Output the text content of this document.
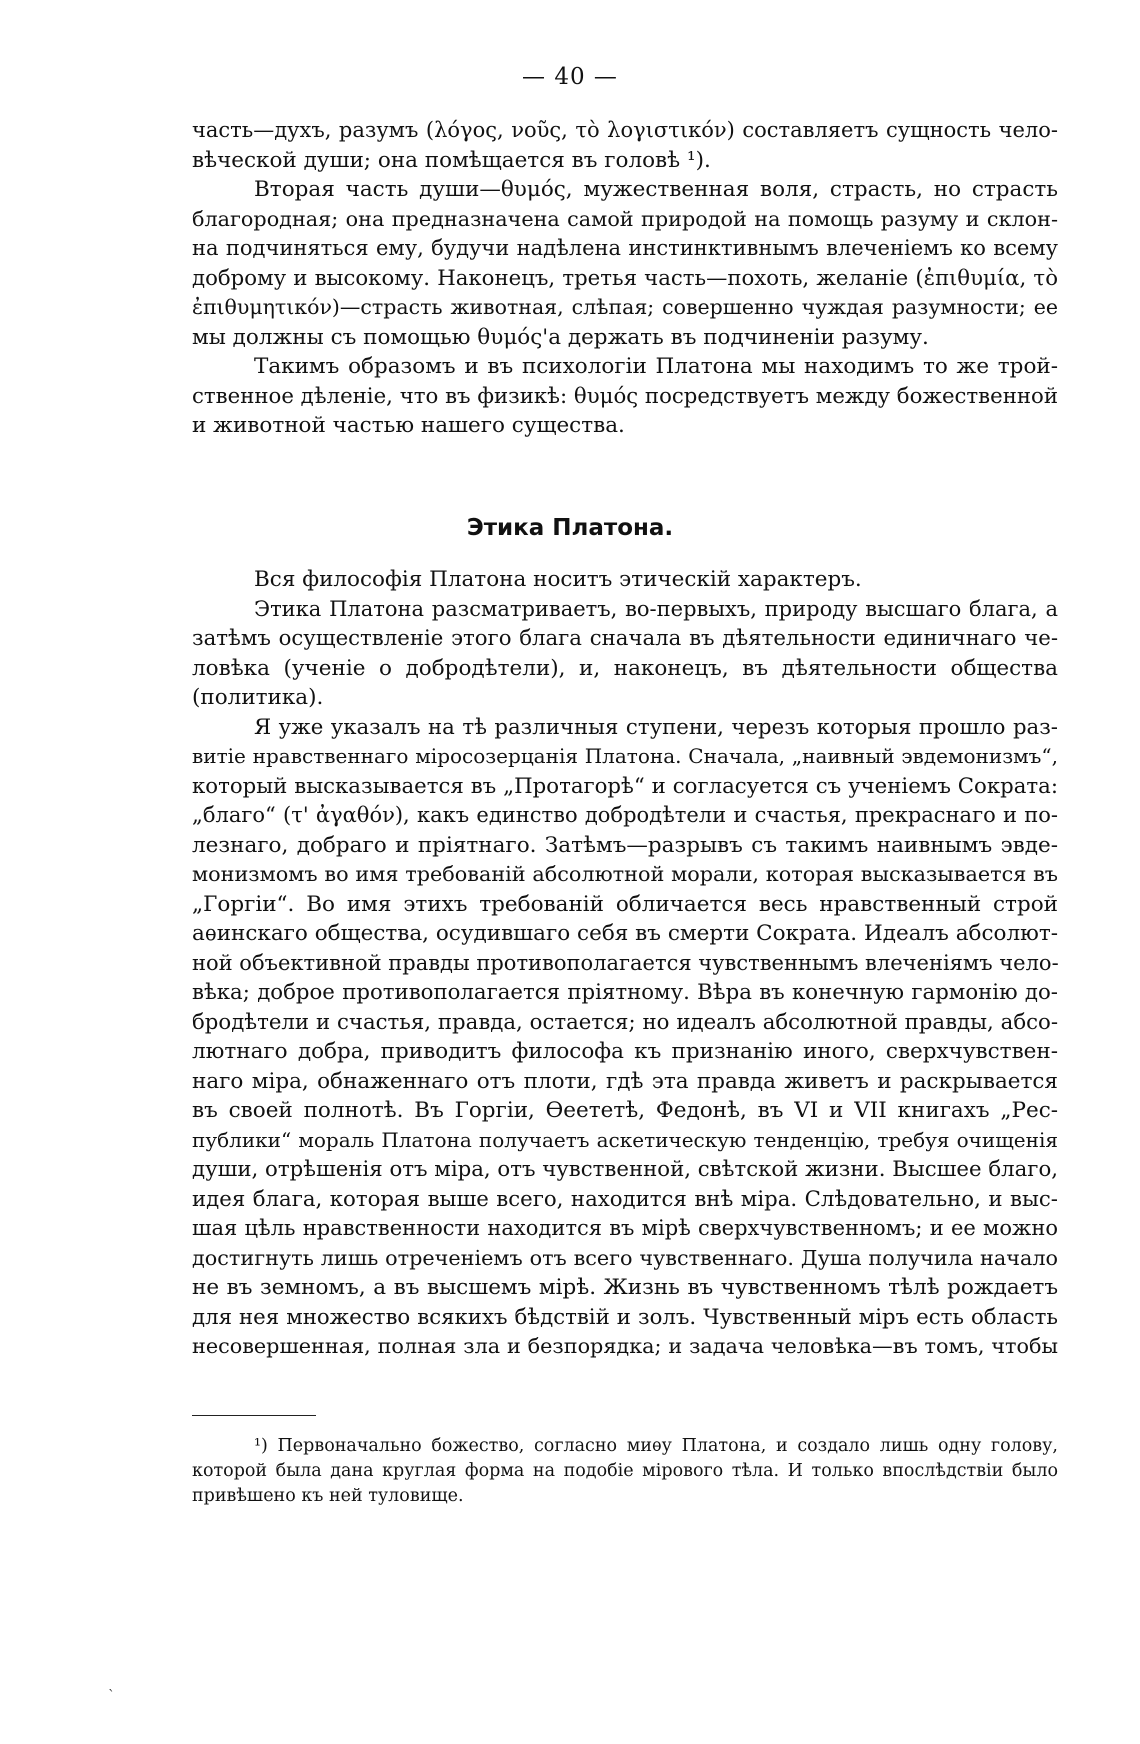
— 40 —
часть—духъ, разумъ (λόγος, νοῦς, τὸ λογιστικόν) составляетъ сущность чело-
вѣческой души; она помѣщается въ головѣ ¹).
Вторая часть души—θυμός, мужественная воля, страсть, но страсть
благородная; она предназначена самой природой на помощь разуму и склон-
на подчиняться ему, будучи надѣлена инстинктивнымъ влеченіемъ ко всему
доброму и высокому. Наконецъ, третья часть—похоть, желаніе (ἐπιθυμία, τὸ
ἐπιθυμητικόν)—страсть животная, слѣпая; совершенно чуждая разумности; ее
мы должны съ помощью θυμός'а держать въ подчиненіи разуму.
Такимъ образомъ и въ психологіи Платона мы находимъ то же трой-
ственное дѣленіе, что въ физикѣ: θυμός посредствуетъ между божественной
и животной частью нашего существа.
Этика Платона.
Вся философія Платона носитъ этическій характеръ.
Этика Платона разсматриваетъ, во-первыхъ, природу высшаго блага, а
затѣмъ осуществленіе этого блага сначала въ дѣятельности единичнаго че-
ловѣка (ученіе о добродѣтели), и, наконецъ, въ дѣятельности общества
(политика).
Я уже указалъ на тѣ различныя ступени, черезъ которыя прошло раз-
витіе нравственнаго міросозерцанія Платона. Сначала, „наивный эвдемонизмъ“,
который высказывается въ „Протагорѣ“ и согласуется съ ученіемъ Сократа:
„благо“ (τ' ἀγαθόν), какъ единство добродѣтели и счастья, прекраснаго и по-
лезнаго, добраго и пріятнаго. Затѣмъ—разрывъ съ такимъ наивнымъ эвде-
монизмомъ во имя требованій абсолютной морали, которая высказывается въ
„Горгіи“. Во имя этихъ требованій обличается весь нравственный строй
аѳинскаго общества, осудившаго себя въ смерти Сократа. Идеалъ абсолют-
ной объективной правды противополагается чувственнымъ влеченіямъ чело-
вѣка; доброе противополагается пріятному. Вѣра въ конечную гармонію до-
бродѣтели и счастья, правда, остается; но идеалъ абсолютной правды, абсо-
лютнаго добра, приводитъ философа къ признанію иного, сверхчувствен-
наго міра, обнаженнаго отъ плоти, гдѣ эта правда живетъ и раскрывается
въ своей полнотѣ. Въ Горгіи, Ѳеететѣ, Федонѣ, въ VI и VII книгахъ „Рес-
публики“ мораль Платона получаетъ аскетическую тенденцію, требуя очищенія
души, отрѣшенія отъ міра, отъ чувственной, свѣтской жизни. Высшее благо,
идея блага, которая выше всего, находится внѣ міра. Слѣдовательно, и выс-
шая цѣль нравственности находится въ мірѣ сверхчувственномъ; и ее можно
достигнуть лишь отреченіемъ отъ всего чувственнаго. Душа получила начало
не въ земномъ, а въ высшемъ мірѣ. Жизнь въ чувственномъ тѣлѣ рождаетъ
для нея множество всякихъ бѣдствій и золъ. Чувственный міръ есть область
несовершенная, полная зла и безпорядка; и задача человѣка—въ томъ, чтобы
¹) Первоначально божество, согласно миѳу Платона, и создало лишь одну голову,
которой была дана круглая форма на подобіе мірового тѣла. И только впослѣдствіи было
привѣшено къ ней туловище.
ˋ
